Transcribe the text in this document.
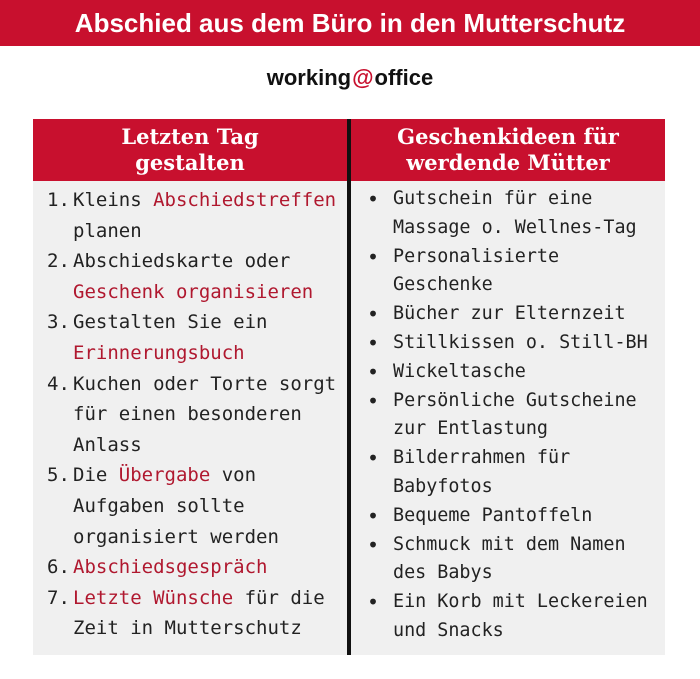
Abschied aus dem Büro in den Mutterschutz
working @ office
Letzten Tag gestalten
Geschenkideen für werdende Mütter
1. Kleins Abschiedstreffen planen
2. Abschiedskarte oder Geschenk organisieren
3. Gestalten Sie ein Erinnerungsbuch
4. Kuchen oder Torte sorgt für einen besonderen Anlass
5. Die Übergabe von Aufgaben sollte organisiert werden
6. Abschiedsgespräch
7. Letzte Wünsche für die Zeit in Mutterschutz
• Gutschein für eine Massage o. Wellnes-Tag
• Personalisierte Geschenke
• Bücher zur Elternzeit
• Stillkissen o. Still-BH
• Wickeltasche
• Persönliche Gutscheine zur Entlastung
• Bilderrahmen für Babyfotos
• Bequeme Pantoffeln
• Schmuck mit dem Namen des Babys
• Ein Korb mit Leckereien und Snacks
